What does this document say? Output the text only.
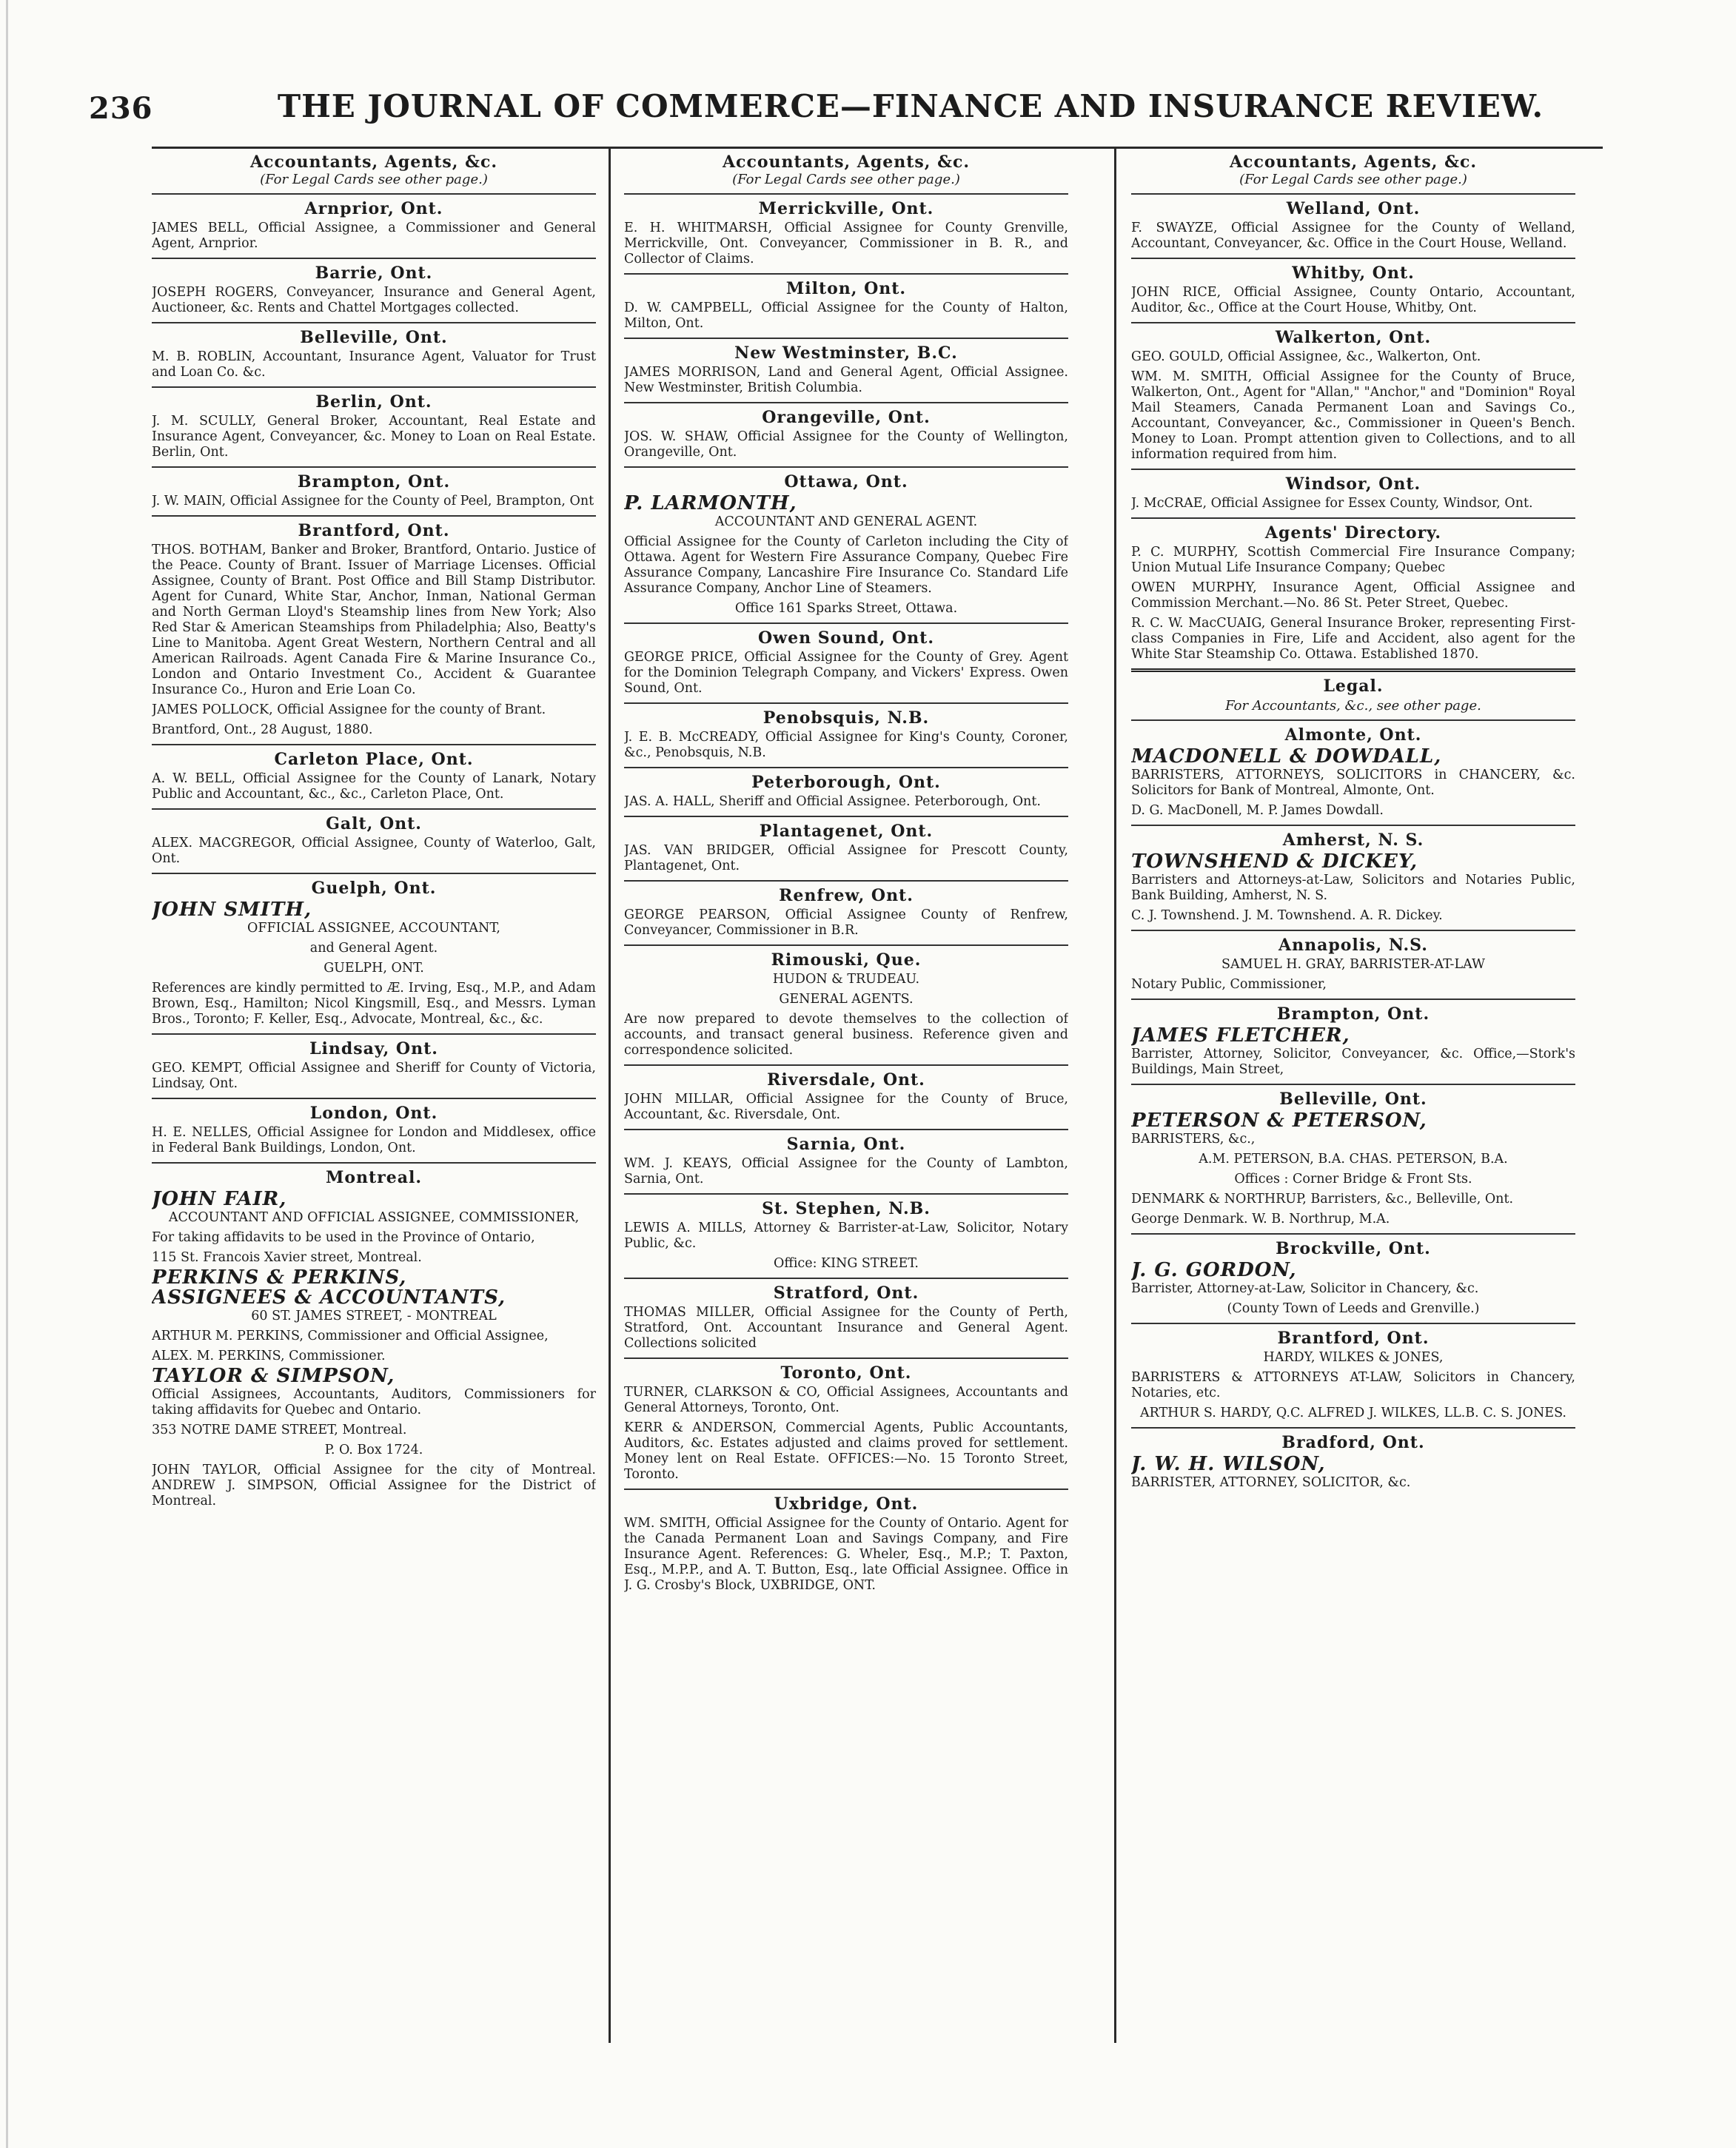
236	THE JOURNAL OF COMMERCE—FINANCE AND INSURANCE REVIEW.
Accountants, Agents, &c.
(For Legal Cards see other page.)
Arnprior, Ont.
JAMES BELL, Official Assignee, a Commissioner and General Agent, Arnprior.
Barrie, Ont.
JOSEPH ROGERS, Conveyancer, Insurance and General Agent, Auctioneer, &c. Rents and Chattel Mortgages collected.
Belleville, Ont.
M. B. ROBLIN, Accountant, Insurance Agent, Valuator for Trust and Loan Co. &c.
Berlin, Ont.
J. M. SCULLY, General Broker, Accountant, Real Estate and Insurance Agent, Conveyancer, &c. Money to Loan on Real Estate. Berlin, Ont.
Brampton, Ont.
J. W. MAIN, Official Assignee for the County of Peel, Brampton, Ont
Brantford, Ont.
THOS. BOTHAM, Banker and Broker, Brantford, Ontario. Justice of the Peace. County of Brant. Issuer of Marriage Licenses. Official Assignee, County of Brant. Post Office and Bill Stamp Distributor. Agent for Cunard, White Star, Anchor, Inman, National German and North German Lloyd's Steamship lines from New York; Also Red Star & American Steamships from Philadelphia; Also, Beatty's Line to Manitoba. Agent Great Western, Northern Central and all American Railroads. Agent Canada Fire & Marine Insurance Co., London and Ontario Investment Co., Accident & Guarantee Insurance Co., Huron and Erie Loan Co.
JAMES POLLOCK, Official Assignee for the county of Brant.
Brantford, Ont., 28 August, 1880.
Carleton Place, Ont.
A. W. BELL, Official Assignee for the County of Lanark, Notary Public and Accountant, &c., &c., Carleton Place, Ont.
Galt, Ont.
ALEX. MACGREGOR, Official Assignee, County of Waterloo, Galt, Ont.
Guelph, Ont.
JOHN SMITH,
OFFICIAL ASSIGNEE, ACCOUNTANT,
and General Agent.
GUELPH, ONT.
References are kindly permitted to Æ. Irving, Esq., M.P., and Adam Brown, Esq., Hamilton; Nicol Kingsmill, Esq., and Messrs. Lyman Bros., Toronto; F. Keller, Esq., Advocate, Montreal, &c., &c.
Lindsay, Ont.
GEO. KEMPT, Official Assignee and Sheriff for County of Victoria, Lindsay, Ont.
London, Ont.
H. E. NELLES, Official Assignee for London and Middlesex, office in Federal Bank Buildings, London, Ont.
Montreal.
JOHN FAIR,
ACCOUNTANT AND OFFICIAL ASSIGNEE, COMMISSIONER,
For taking affidavits to be used in the Province of Ontario,
115 St. Francois Xavier street, Montreal.
PERKINS & PERKINS,
ASSIGNEES & ACCOUNTANTS,
60 ST. JAMES STREET, - MONTREAL
ARTHUR M. PERKINS, Commissioner and Official Assignee,
ALEX. M. PERKINS, Commissioner.
TAYLOR & SIMPSON,
Official Assignees, Accountants, Auditors, Commissioners for taking affidavits for Quebec and Ontario.
353 NOTRE DAME STREET, Montreal.
P. O. Box 1724.
JOHN TAYLOR, Official Assignee for the city of Montreal. ANDREW J. SIMPSON, Official Assignee for the District of Montreal.
Accountants, Agents, &c.
(For Legal Cards see other page.)
Merrickville, Ont.
E. H. WHITMARSH, Official Assignee for County Grenville, Merrickville, Ont. Conveyancer, Commissioner in B. R., and Collector of Claims.
Milton, Ont.
D. W. CAMPBELL, Official Assignee for the County of Halton, Milton, Ont.
New Westminster, B.C.
JAMES MORRISON, Land and General Agent, Official Assignee. New Westminster, British Columbia.
Orangeville, Ont.
JOS. W. SHAW, Official Assignee for the County of Wellington, Orangeville, Ont.
Ottawa, Ont.
P. LARMONTH,
ACCOUNTANT AND GENERAL AGENT.
Official Assignee for the County of Carleton including the City of Ottawa. Agent for Western Fire Assurance Company, Quebec Fire Assurance Company, Lancashire Fire Insurance Co. Standard Life Assurance Company, Anchor Line of Steamers.
Office 161 Sparks Street, Ottawa.
Owen Sound, Ont.
GEORGE PRICE, Official Assignee for the County of Grey. Agent for the Dominion Telegraph Company, and Vickers' Express. Owen Sound, Ont.
Penobsquis, N.B.
J. E. B. McCREADY, Official Assignee for King's County, Coroner, &c., Penobsquis, N.B.
Peterborough, Ont.
JAS. A. HALL, Sheriff and Official Assignee. Peterborough, Ont.
Plantagenet, Ont.
JAS. VAN BRIDGER, Official Assignee for Prescott County, Plantagenet, Ont.
Renfrew, Ont.
GEORGE PEARSON, Official Assignee County of Renfrew, Conveyancer, Commissioner in B.R.
Rimouski, Que.
HUDON & TRUDEAU.
GENERAL AGENTS.
Are now prepared to devote themselves to the collection of accounts, and transact general business. Reference given and correspondence solicited.
Riversdale, Ont.
JOHN MILLAR, Official Assignee for the County of Bruce, Accountant, &c. Riversdale, Ont.
Sarnia, Ont.
WM. J. KEAYS, Official Assignee for the County of Lambton, Sarnia, Ont.
St. Stephen, N.B.
LEWIS A. MILLS, Attorney & Barrister-at-Law, Solicitor, Notary Public, &c.
Office: KING STREET.
Stratford, Ont.
THOMAS MILLER, Official Assignee for the County of Perth, Stratford, Ont. Accountant Insurance and General Agent. Collections solicited
Toronto, Ont.
TURNER, CLARKSON & CO, Official Assignees, Accountants and General Attorneys, Toronto, Ont.
KERR & ANDERSON, Commercial Agents, Public Accountants, Auditors, &c. Estates adjusted and claims proved for settlement. Money lent on Real Estate. OFFICES:—No. 15 Toronto Street, Toronto.
Uxbridge, Ont.
WM. SMITH, Official Assignee for the County of Ontario. Agent for the Canada Permanent Loan and Savings Company, and Fire Insurance Agent. References: G. Wheler, Esq., M.P.; T. Paxton, Esq., M.P.P., and A. T. Button, Esq., late Official Assignee. Office in J. G. Crosby's Block, UXBRIDGE, ONT.
Accountants, Agents, &c.
(For Legal Cards see other page.)
Welland, Ont.
F. SWAYZE, Official Assignee for the County of Welland, Accountant, Conveyancer, &c. Office in the Court House, Welland.
Whitby, Ont.
JOHN RICE, Official Assignee, County Ontario, Accountant, Auditor, &c., Office at the Court House, Whitby, Ont.
Walkerton, Ont.
GEO. GOULD, Official Assignee, &c., Walkerton, Ont.
WM. M. SMITH, Official Assignee for the County of Bruce, Walkerton, Ont., Agent for "Allan," "Anchor," and "Dominion" Royal Mail Steamers, Canada Permanent Loan and Savings Co., Accountant, Conveyancer, &c., Commissioner in Queen's Bench. Money to Loan. Prompt attention given to Collections, and to all information required from him.
Windsor, Ont.
J. McCRAE, Official Assignee for Essex County, Windsor, Ont.
Agents' Directory.
P. C. MURPHY, Scottish Commercial Fire Insurance Company; Union Mutual Life Insurance Company; Quebec
OWEN MURPHY, Insurance Agent, Official Assignee and Commission Merchant.—No. 86 St. Peter Street, Quebec.
R. C. W. MacCUAIG, General Insurance Broker, representing First-class Companies in Fire, Life and Accident, also agent for the White Star Steamship Co. Ottawa. Established 1870.
Legal.
For Accountants, &c., see other page.
Almonte, Ont.
MACDONELL & DOWDALL,
BARRISTERS, ATTORNEYS, SOLICITORS in CHANCERY, &c. Solicitors for Bank of Montreal, Almonte, Ont.
D. G. MacDonell, M. P. James Dowdall.
Amherst, N. S.
TOWNSHEND & DICKEY,
Barristers and Attorneys-at-Law, Solicitors and Notaries Public, Bank Building, Amherst, N. S.
C. J. Townshend. J. M. Townshend. A. R. Dickey.
Annapolis, N.S.
SAMUEL H. GRAY, BARRISTER-AT-LAW
Notary Public, Commissioner,
Brampton, Ont.
JAMES FLETCHER,
Barrister, Attorney, Solicitor, Conveyancer, &c. Office,—Stork's Buildings, Main Street,
Belleville, Ont.
PETERSON & PETERSON,
BARRISTERS, &c.,
A.M. PETERSON, B.A. CHAS. PETERSON, B.A.
Offices : Corner Bridge & Front Sts.
DENMARK & NORTHRUP, Barristers, &c., Belleville, Ont.
George Denmark. W. B. Northrup, M.A.
Brockville, Ont.
J. G. GORDON,
Barrister, Attorney-at-Law, Solicitor in Chancery, &c.
(County Town of Leeds and Grenville.)
Brantford, Ont.
HARDY, WILKES & JONES,
BARRISTERS & ATTORNEYS AT-LAW, Solicitors in Chancery, Notaries, etc.
ARTHUR S. HARDY, Q.C. ALFRED J. WILKES, LL.B. C. S. JONES.
Bradford, Ont.
J. W. H. WILSON,
BARRISTER, ATTORNEY, SOLICITOR, &c.
